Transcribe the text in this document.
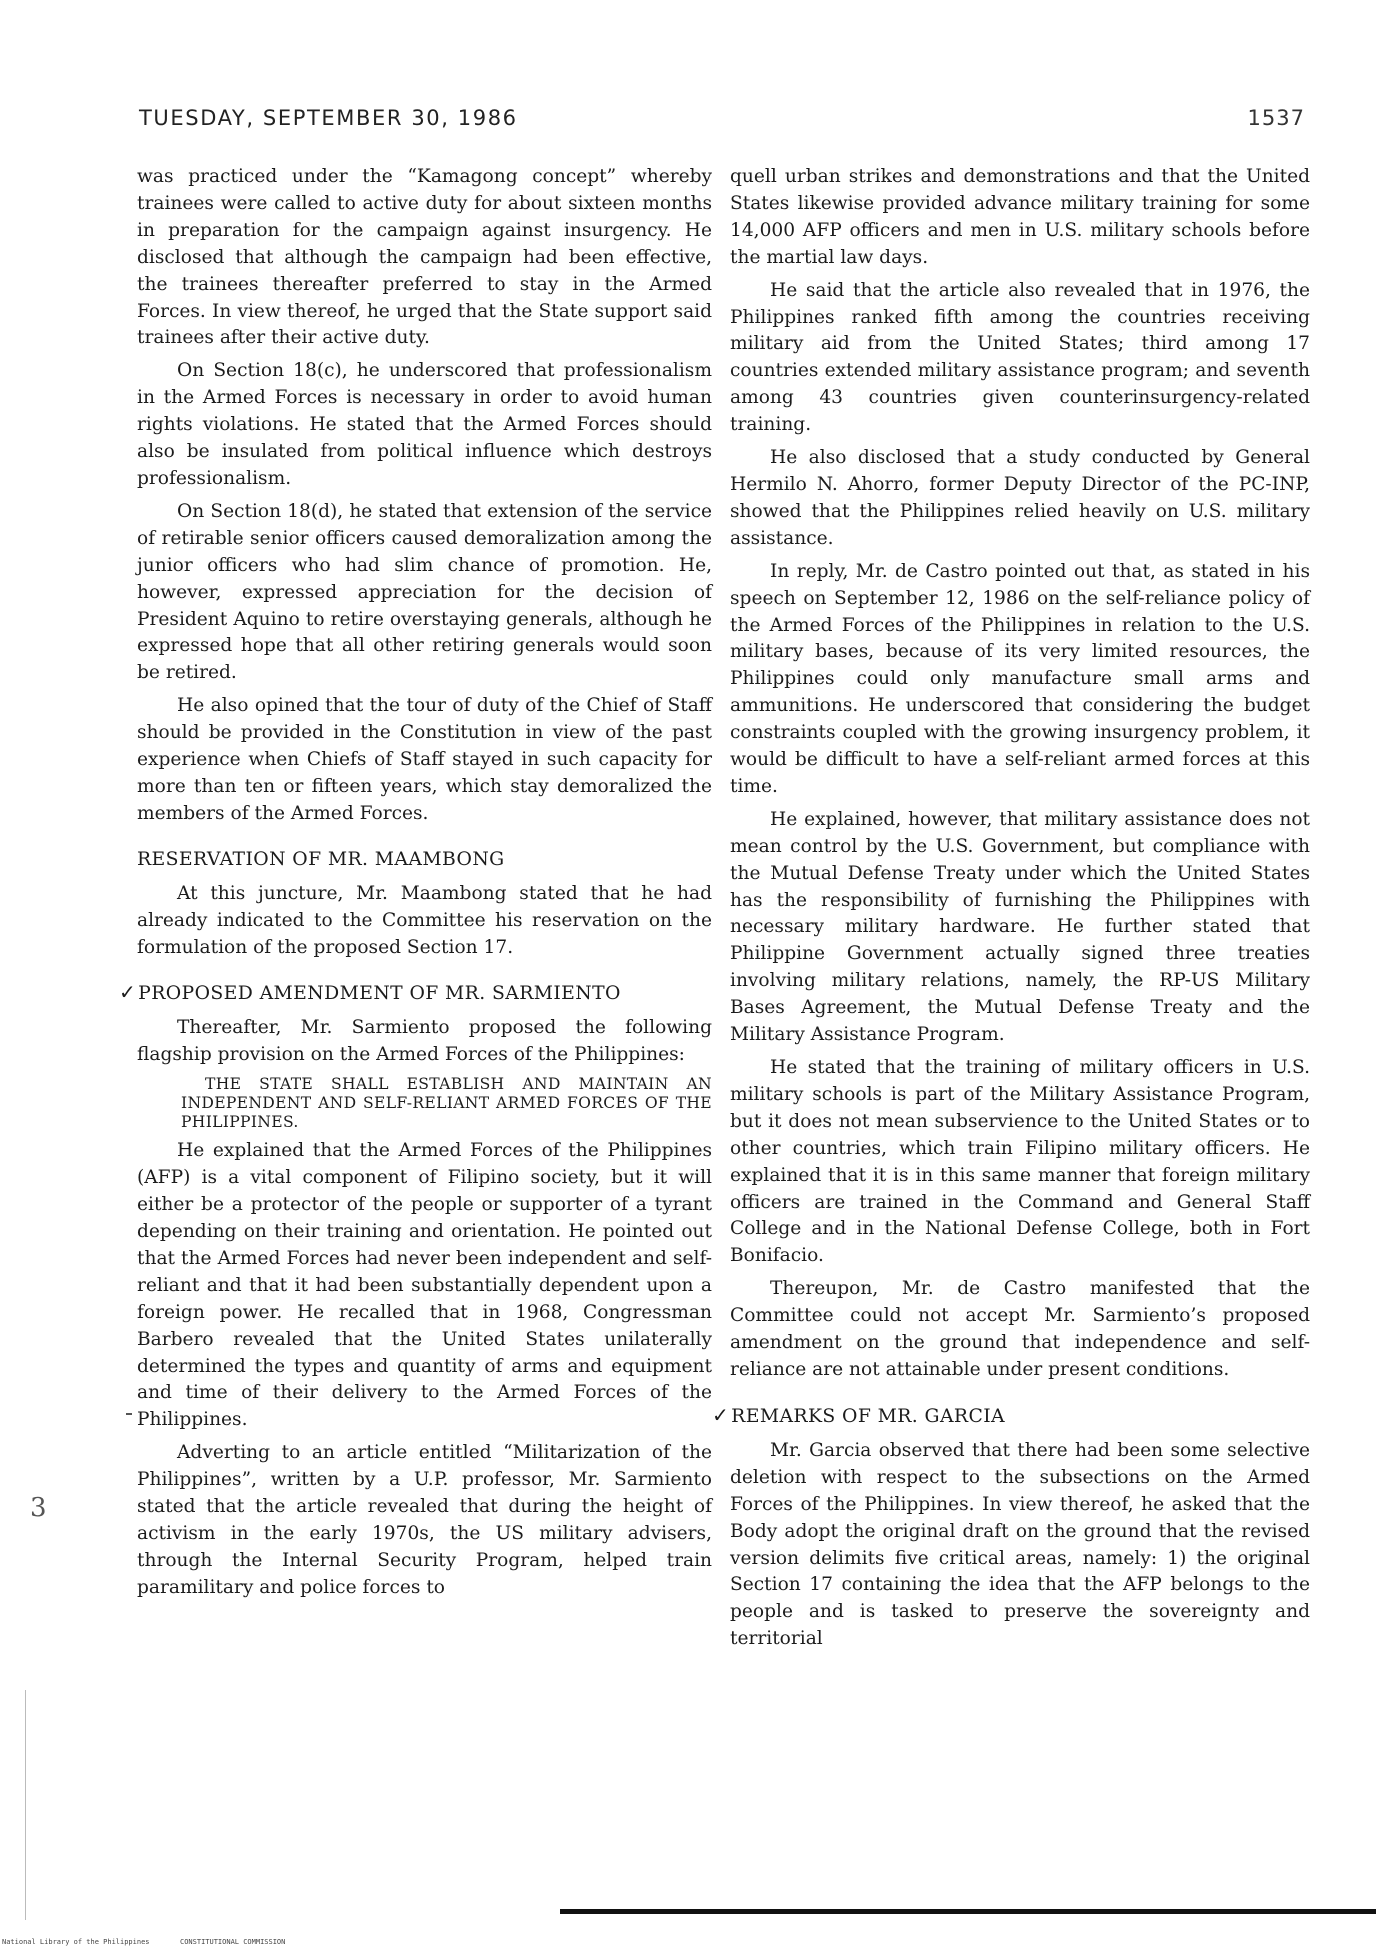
TUESDAY, SEPTEMBER 30, 1986	1537

was practiced under the “Kamagong concept” whereby trainees were called to active duty for about sixteen months in preparation for the campaign against insurgency. He disclosed that although the campaign had been effective, the trainees thereafter preferred to stay in the Armed Forces. In view thereof, he urged that the State support said trainees after their active duty.

On Section 18(c), he underscored that professionalism in the Armed Forces is necessary in order to avoid human rights violations. He stated that the Armed Forces should also be insulated from political influence which destroys professionalism.

On Section 18(d), he stated that extension of the service of retirable senior officers caused demoralization among the junior officers who had slim chance of promotion. He, however, expressed appreciation for the decision of President Aquino to retire overstaying generals, although he expressed hope that all other retiring generals would soon be retired.

He also opined that the tour of duty of the Chief of Staff should be provided in the Constitution in view of the past experience when Chiefs of Staff stayed in such capacity for more than ten or fifteen years, which stay demoralized the members of the Armed Forces.

RESERVATION OF MR. MAAMBONG

At this juncture, Mr. Maambong stated that he had already indicated to the Committee his reservation on the formulation of the proposed Section 17.

✓ PROPOSED AMENDMENT OF MR. SARMIENTO

Thereafter, Mr. Sarmiento proposed the following flagship provision on the Armed Forces of the Philippines:

THE STATE SHALL ESTABLISH AND MAINTAIN AN INDEPENDENT AND SELF-RELIANT ARMED FORCES OF THE PHILIPPINES.

He explained that the Armed Forces of the Philippines (AFP) is a vital component of Filipino society, but it will either be a protector of the people or supporter of a tyrant depending on their training and orientation. He pointed out that the Armed Forces had never been independent and self-reliant and that it had been substantially dependent upon a foreign power. He recalled that in 1968, Congressman Barbero revealed that the United States unilaterally determined the types and quantity of arms and equipment and time of their delivery to the Armed Forces of the Philippines.

Adverting to an article entitled “Militarization of the Philippines”, written by a U.P. professor, Mr. Sarmiento stated that the article revealed that during the height of activism in the early 1970s, the US military advisers, through the Internal Security Program, helped train paramilitary and police forces to

quell urban strikes and demonstrations and that the United States likewise provided advance military training for some 14,000 AFP officers and men in U.S. military schools before the martial law days.

He said that the article also revealed that in 1976, the Philippines ranked fifth among the countries receiving military aid from the United States; third among 17 countries extended military assistance program; and seventh among 43 countries given counterinsurgency-related training.

He also disclosed that a study conducted by General Hermilo N. Ahorro, former Deputy Director of the PC-INP, showed that the Philippines relied heavily on U.S. military assistance.

In reply, Mr. de Castro pointed out that, as stated in his speech on September 12, 1986 on the self-reliance policy of the Armed Forces of the Philippines in relation to the U.S. military bases, because of its very limited resources, the Philippines could only manufacture small arms and ammunitions. He underscored that considering the budget constraints coupled with the growing insurgency problem, it would be difficult to have a self-reliant armed forces at this time.

He explained, however, that military assistance does not mean control by the U.S. Government, but compliance with the Mutual Defense Treaty under which the United States has the responsibility of furnishing the Philippines with necessary military hardware. He further stated that Philippine Government actually signed three treaties involving military relations, namely, the RP-US Military Bases Agreement, the Mutual Defense Treaty and the Military Assistance Program.

He stated that the training of military officers in U.S. military schools is part of the Military Assistance Program, but it does not mean subservience to the United States or to other countries, which train Filipino military officers. He explained that it is in this same manner that foreign military officers are trained in the Command and General Staff College and in the National Defense College, both in Fort Bonifacio.

Thereupon, Mr. de Castro manifested that the Committee could not accept Mr. Sarmiento’s proposed amendment on the ground that independence and self-reliance are not attainable under present conditions.

✓ REMARKS OF MR. GARCIA

Mr. Garcia observed that there had been some selective deletion with respect to the subsections on the Armed Forces of the Philippines. In view thereof, he asked that the Body adopt the original draft on the ground that the revised version delimits five critical areas, namely: 1) the original Section 17 containing the idea that the AFP belongs to the people and is tasked to preserve the sovereignty and territorial

3
National Library of the Philippines	CONSTITUTIONAL COMMISSION
